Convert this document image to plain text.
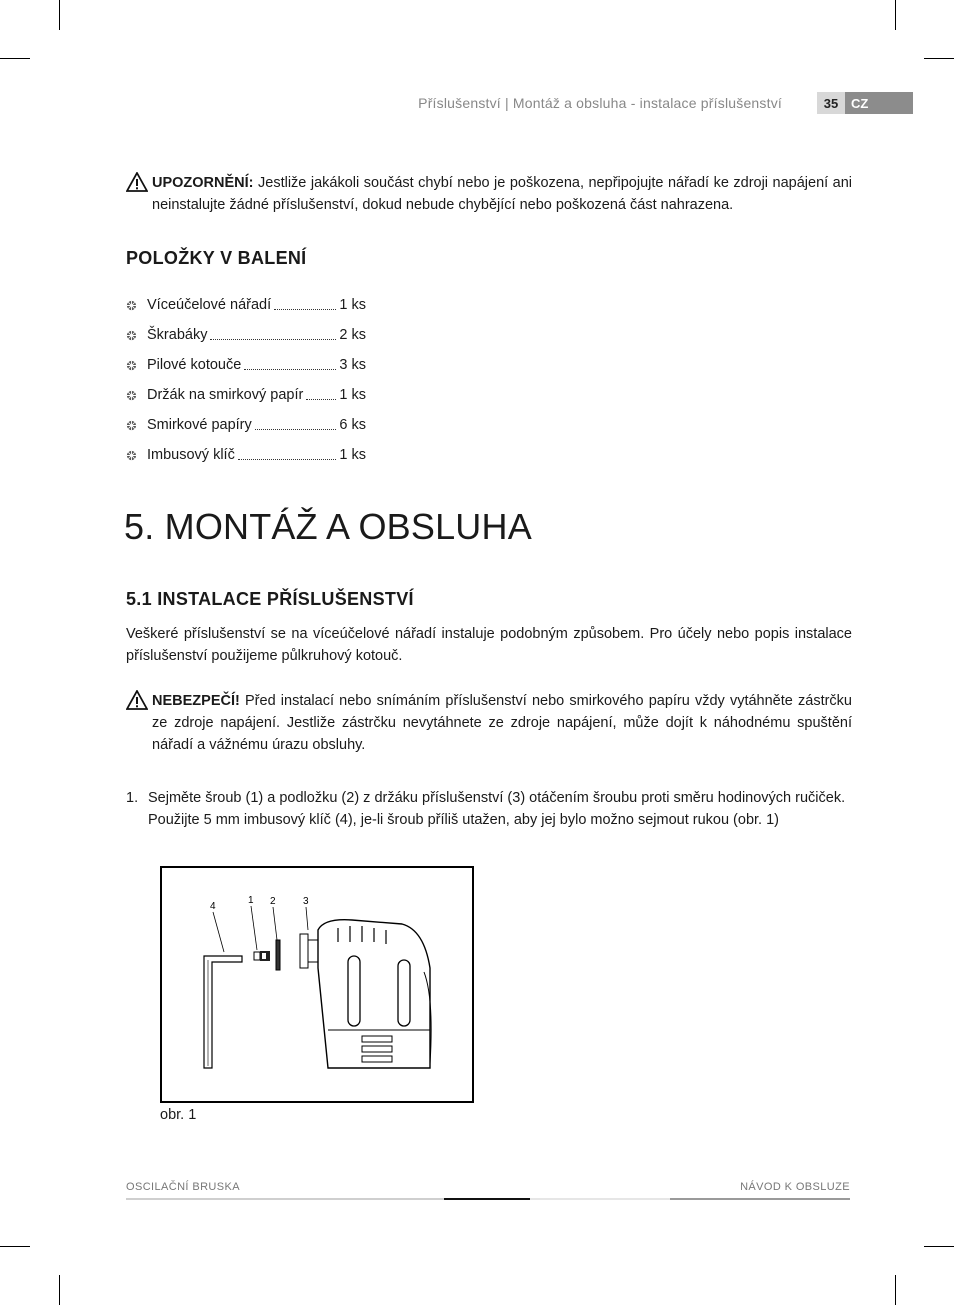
Příslušenství | Montáž a obsluha - instalace příslušenství	35 CZ
UPOZORNĚNÍ: Jestliže jakákoli součást chybí nebo je poškozena, nepřipojujte nářadí ke zdroji napájení ani neinstalujte žádné příslušenství, dokud nebude chybějící nebo poškozená část nahrazena.
POLOŽKY V BALENÍ
Víceúčelové nářadí	1 ks
Škrabáky	2 ks
Pilové kotouče	3 ks
Držák na smirkový papír 1 ks
Smirkové papíry	6 ks
Imbusový klíč	1 ks
5. MONTÁŽ A OBSLUHA
5.1 INSTALACE PŘÍSLUŠENSTVÍ
Veškeré příslušenství se na víceúčelové nářadí instaluje podobným způsobem. Pro účely nebo popis instalace příslušenství použijeme půlkruhový kotouč.
NEBEZPEČÍ! Před instalací nebo snímáním příslušenství nebo smirkového papíru vždy vytáhněte zástrčku ze zdroje napájení. Jestliže zástrčku nevytáhnete ze zdroje napájení, může dojít k náhodnému spuštění nářadí a vážnému úrazu obsluhy.
1. Sejměte šroub (1) a podložku (2) z držáku příslušenství (3) otáčením šroubu proti směru hodinových ručiček. Použijte 5 mm imbusový klíč (4), je-li šroub příliš utažen, aby jej bylo možno sejmout rukou (obr. 1)
4
1 2	3
obr. 1
OSCILAČNÍ BRUSKA	NÁVOD K OBSLUZE
